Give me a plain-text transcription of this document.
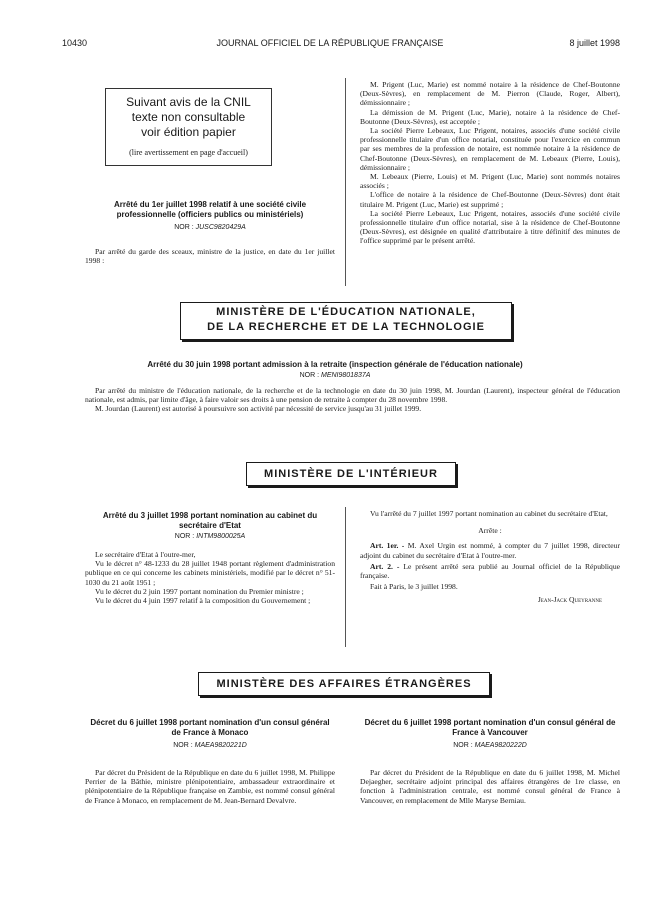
10430	JOURNAL OFFICIEL DE LA RÉPUBLIQUE FRANÇAISE	8 juillet 1998
Suivant avis de la CNIL
texte non consultable
voir édition papier
(lire avertissement en page d'accueil)
Arrêté du 1er juillet 1998 relatif à une société civile professionnelle (officiers publics ou ministériels)
NOR : JUSC9820429A

Par arrêté du garde des sceaux, ministre de la justice, en date du 1er juillet 1998 :

M. Prigent (Luc, Marie) est nommé notaire à la résidence de Chef-Boutonne (Deux-Sèvres), en remplacement de M. Pierron (Claude, Roger, Albert), démissionnaire ;

La démission de M. Prigent (Luc, Marie), notaire à la résidence de Chef-Boutonne (Deux-Sèvres), est acceptée ;

La société Pierre Lebeaux, Luc Prigent, notaires, associés d'une société civile professionnelle titulaire d'un office notarial, constituée pour l'exercice en commun par ses membres de la profession de notaire, est nommée notaire à la résidence de Chef-Boutonne (Deux-Sèvres), en remplacement de M. Lebeaux (Pierre, Louis), démissionnaire ;

M. Lebeaux (Pierre, Louis) et M. Prigent (Luc, Marie) sont nommés notaires associés ;

L'office de notaire à la résidence de Chef-Boutonne (Deux-Sèvres) dont était titulaire M. Prigent (Luc, Marie) est supprimé ;

La société Pierre Lebeaux, Luc Prigent, notaires, associés d'une société civile professionnelle titulaire d'un office notarial, sise à la résidence de Chef-Boutonne (Deux-Sèvres), est désignée en qualité d'attributaire à titre définitif des minutes de l'office supprimé par le présent arrêté.

MINISTÈRE DE L'ÉDUCATION NATIONALE,
DE LA RECHERCHE ET DE LA TECHNOLOGIE
Arrêté du 30 juin 1998 portant admission à la retraite (inspection générale de l'éducation nationale)
NOR : MENI9801837A

Par arrêté du ministre de l'éducation nationale, de la recherche et de la technologie en date du 30 juin 1998, M. Jourdan (Laurent), inspecteur général de l'éducation nationale, est admis, par limite d'âge, à faire valoir ses droits à une pension de retraite à compter du 28 novembre 1998.

M. Jourdan (Laurent) est autorisé à poursuivre son activité par nécessité de service jusqu'au 31 juillet 1999.

MINISTÈRE DE L'INTÉRIEUR
Arrêté du 3 juillet 1998 portant nomination au cabinet du secrétaire d'Etat
NOR : INTM9800025A

Le secrétaire d'Etat à l'outre-mer,

Vu le décret n° 48-1233 du 28 juillet 1948 portant règlement d'administration publique en ce qui concerne les cabinets ministériels, modifié par le décret n° 51-1030 du 21 août 1951 ;

Vu le décret du 2 juin 1997 portant nomination du Premier ministre ;

Vu le décret du 4 juin 1997 relatif à la composition du Gouvernement ;

Vu l'arrêté du 7 juillet 1997 portant nomination au cabinet du secrétaire d'Etat,

Arrête :

Art. 1er. - M. Axel Urgin est nommé, à compter du 7 juillet 1998, directeur adjoint du cabinet du secrétaire d'Etat à l'outre-mer.

Art. 2. - Le présent arrêté sera publié au Journal officiel de la République française.

Fait à Paris, le 3 juillet 1998.

Jean-Jack Queyranne
MINISTÈRE DES AFFAIRES ÉTRANGÈRES
Décret du 6 juillet 1998 portant nomination d'un consul général de France à Monaco
NOR : MAEA9820221D

Par décret du Président de la République en date du 6 juillet 1998, M. Philippe Perrier de la Bâthie, ministre plénipotentiaire, ambassadeur extraordinaire et plénipotentiaire de la République française en Zambie, est nommé consul général de France à Monaco, en remplacement de M. Jean-Bernard Devalvre.

Décret du 6 juillet 1998 portant nomination d'un consul général de France à Vancouver
NOR : MAEA9820222D

Par décret du Président de la République en date du 6 juillet 1998, M. Michel Dejaegher, secrétaire adjoint principal des affaires étrangères de 1re classe, en fonction à l'administration centrale, est nommé consul général de France à Vancouver, en remplacement de Mlle Maryse Berniau.
